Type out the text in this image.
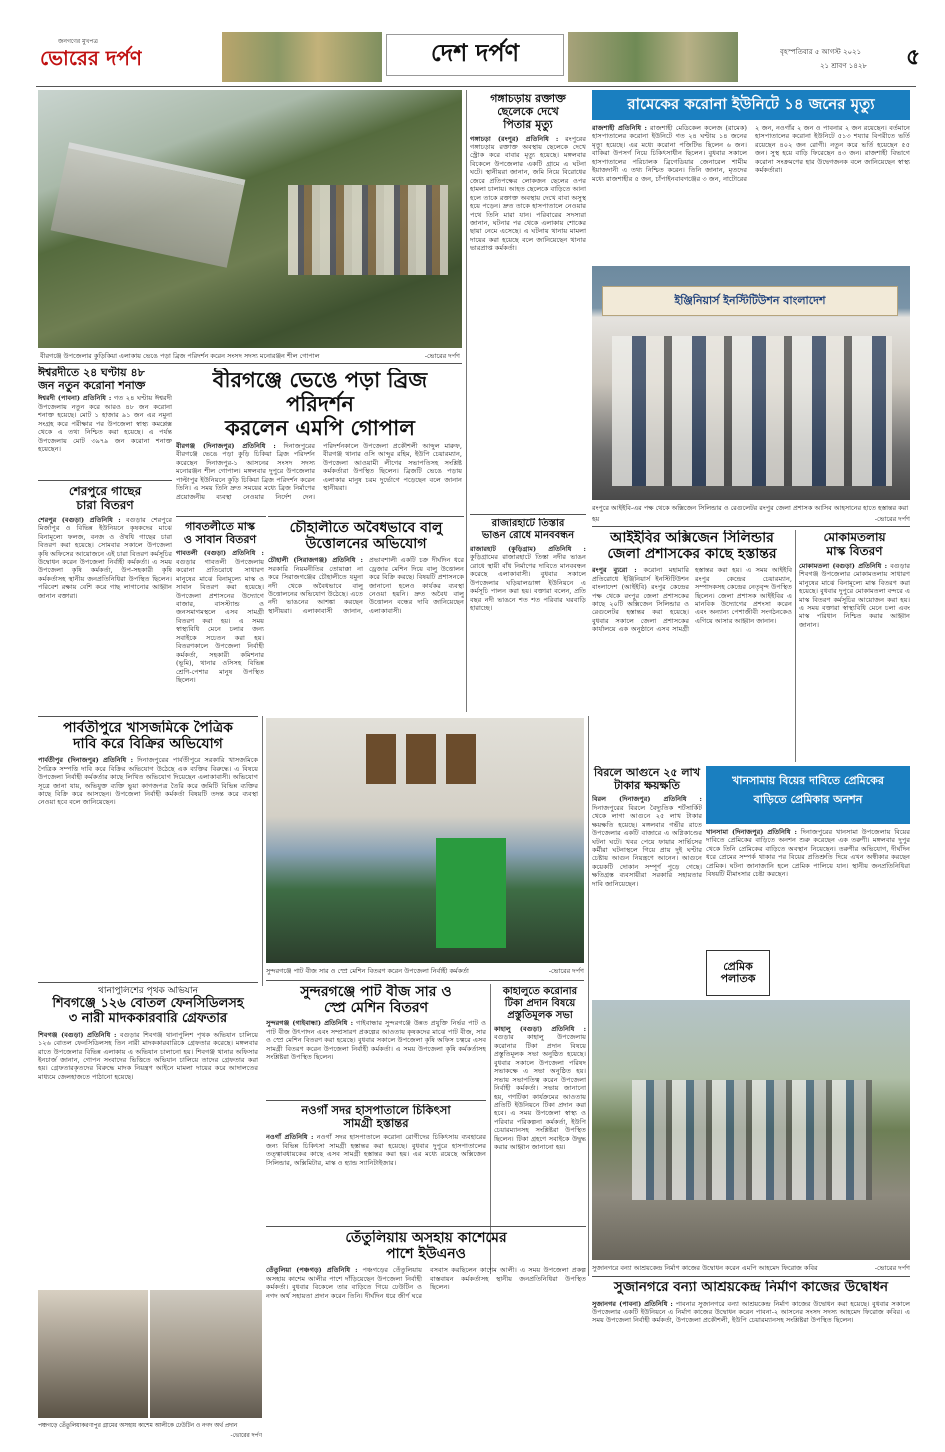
জনগণের মুখপত্র
ভোরের দর্পণ	দেশ দর্পণ	বৃহস্পতিবার ৫ আগস্ট ২০২১
২১ শ্রাবণ ১৪২৮ ৫
বীরগঞ্জে উপজেলার কুড়িকিয়া এলাকায় ভেঙে পড়া ব্রিজ পরিদর্শন করেন সংসদ সদস্য মনোরঞ্জন শীল গোপাল	-ভোরের দর্পণ
ঈশ্বরদীতে ২৪ ঘণ্টায় ৪৮
জন নতুন করোনা শনাক্ত
ঈশ্বরদী (পাবনা) প্রতিনিধি : গত ২৪ ঘণ্টায় ঈশ্বরদী উপজেলায় নতুন করে আরও ৪৮ জন করোনা শনাক্ত হয়েছে। মোট ১ হাজার ৯১ জন এর নমুনা সংগ্রহ করে পরীক্ষার পর উপজেলা স্বাস্থ্য কমপ্লেক্স থেকে এ তথ্য নিশ্চিত করা হয়েছে। এ পর্যন্ত উপজেলায় মোট ৩৯৭৯ জন করোনা শনাক্ত হয়েছেন।
বীরগঞ্জে ভেঙে পড়া ব্রিজ পরিদর্শন
করলেন এমপি গোপাল
বীরগঞ্জ (দিনাজপুর) প্রতিনিধি : দিনাজপুরের বীরগঞ্জে ভেঙে পড়া কুড়ি চিকিয়া ব্রিজ পরিদর্শন করেছেন দিনাজপুর-১ আসনের সংসদ সদস্য মনোরঞ্জন শীল গোপাল। মঙ্গলবার দুপুরে উপজেলার পাল্টাপুর ইউনিয়নে কুড়ি চিকিয়া ব্রিজ পরিদর্শন করেন তিনি। এ সময় তিনি দ্রুত সময়ের মধ্যে ব্রিজ নির্মাণের প্রয়োজনীয় ব্যবস্থা নেওয়ার নির্দেশ দেন। পরিদর্শনকালে উপজেলা প্রকৌশলী আব্দুল মারুফ, বীরগঞ্জ থানার ওসি আব্দুর রহিম, ইউপি চেয়ারম্যান, উপজেলা আওয়ামী লীগের সভাপতিসহ সংশ্লিষ্ট কর্মকর্তারা উপস্থিত ছিলেন। ব্রিজটি ভেঙে পড়ায় এলাকার মানুষ চরম দুর্ভোগে পড়েছেন বলে জানান স্থানীয়রা।
শেরপুরে গাছের
চারা বিতরণ
শেরপুর (বগুড়া) প্রতিনিধি : বগুড়ার শেরপুরে মির্জাপুর ও বিভিন্ন ইউনিয়নে কৃষকদের মাঝে বিনামূল্যে ফলজ, বনজ ও ঔষধি গাছের চারা বিতরণ করা হয়েছে। সোমবার সকালে উপজেলা কৃষি অফিসের আয়োজনে এই চারা বিতরণ কর্মসূচির উদ্বোধন করেন উপজেলা নির্বাহী কর্মকর্তা। এ সময় উপজেলা কৃষি কর্মকর্তা, উপ-সহকারী কৃষি কর্মকর্তাসহ স্থানীয় জনপ্রতিনিধিরা উপস্থিত ছিলেন। পরিবেশ রক্ষায় বেশি করে গাছ লাগানোর আহ্বান জানান বক্তারা।
গাবতলীতে মাস্ক
ও সাবান বিতরণ
গাবতলী (বগুড়া) প্রতিনিধি : বগুড়ার গাবতলী উপজেলায় করোনা প্রতিরোধে সাধারণ মানুষের মাঝে বিনামূল্যে মাস্ক ও সাবান বিতরণ করা হয়েছে। উপজেলা প্রশাসনের উদ্যোগে বাজার, বাসস্ট্যান্ড ও জনসমাগমস্থলে এসব সামগ্রী বিতরণ করা হয়। এ সময় স্বাস্থ্যবিধি মেনে চলার জন্য সবাইকে সচেতন করা হয়। বিতরণকালে উপজেলা নির্বাহী কর্মকর্তা, সহকারী কমিশনার (ভূমি), থানার ওসিসহ বিভিন্ন শ্রেণি-পেশার মানুষ উপস্থিত ছিলেন।
চৌহালীতে অবৈধভাবে বালু
উত্তোলনের অভিযোগ
চৌহালী (সিরাজগঞ্জ) প্রতিনিধি : সরকারি নিয়মনীতির তোয়াক্কা না করে সিরাজগঞ্জের চৌহালীতে যমুনা নদী থেকে অবৈধভাবে বালু উত্তোলনের অভিযোগ উঠেছে। এতে নদী ভাঙনের আশঙ্কা করছেন স্থানীয়রা। এলাকাবাসী জানান, প্রভাবশালী একটি চক্র দীর্ঘদিন ধরে ড্রেজার মেশিন দিয়ে বালু উত্তোলন করে বিক্রি করছে। বিষয়টি প্রশাসনকে জানানো হলেও কার্যকর ব্যবস্থা নেওয়া হয়নি। দ্রুত অবৈধ বালু উত্তোলন বন্ধের দাবি জানিয়েছেন এলাকাবাসী।
গঙ্গাচড়ায় রক্তাক্ত
ছেলেকে দেখে
পিতার মৃত্যু
গঙ্গাচড়া (রংপুর) প্রতিনিধি : রংপুরের গঙ্গাচড়ায় রক্তাক্ত অবস্থায় ছেলেকে দেখে স্ট্রোক করে বাবার মৃত্যু হয়েছে। মঙ্গলবার বিকেলে উপজেলার একটি গ্রামে এ ঘটনা ঘটে। স্থানীয়রা জানান, জমি নিয়ে বিরোধের জেরে প্রতিপক্ষের লোকজন ছেলের ওপর হামলা চালায়। আহত ছেলেকে বাড়িতে আনা হলে তাকে রক্তাক্ত অবস্থায় দেখে বাবা অসুস্থ হয়ে পড়েন। দ্রুত তাকে হাসপাতালে নেওয়ার পথে তিনি মারা যান। পরিবারের সদস্যরা জানান, ঘটনার পর থেকে এলাকায় শোকের ছায়া নেমে এসেছে। এ ঘটনায় থানায় মামলা দায়ের করা হয়েছে বলে জানিয়েছেন থানার ভারপ্রাপ্ত কর্মকর্তা।
রাজারহাটে তিস্তার
ভাঙন রোধে মানববন্ধন
রাজারহাট (কুড়িগ্রাম) প্রতিনিধি : কুড়িগ্রামের রাজারহাটে তিস্তা নদীর ভাঙন রোধে স্থায়ী বাঁধ নির্মাণের দাবিতে মানববন্ধন করেছে এলাকাবাসী। বুধবার সকালে উপজেলার ঘড়িয়ালডাঙ্গা ইউনিয়নে এ কর্মসূচি পালন করা হয়। বক্তারা বলেন, প্রতি বছর নদী ভাঙনে শত শত পরিবার ঘরবাড়ি হারাচ্ছে।
রামেকের করোনা ইউনিটে ১৪ জনের মৃত্যু
রাজশাহী প্রতিনিধি : রাজশাহী মেডিকেল কলেজ (রামেক) হাসপাতালের করোনা ইউনিটে গত ২৪ ঘণ্টায় ১৪ জনের মৃত্যু হয়েছে। এর মধ্যে করোনা পজিটিভ ছিলেন ৬ জন। বাকিরা উপসর্গ নিয়ে চিকিৎসাধীন ছিলেন। বুধবার সকালে হাসপাতালের পরিচালক ব্রিগেডিয়ার জেনারেল শামীম ইয়াজদানী এ তথ্য নিশ্চিত করেন। তিনি জানান, মৃতদের মধ্যে রাজশাহীর ৫ জন, চাঁপাইনবাবগঞ্জের ৩ জন, নাটোরের ২ জন, নওগাঁর ২ জন ও পাবনার ২ জন রয়েছেন। বর্তমানে হাসপাতালের করোনা ইউনিটে ৫১৩ শয্যার বিপরীতে ভর্তি রয়েছেন ৪০২ জন রোগী। নতুন করে ভর্তি হয়েছেন ৫৫ জন। সুস্থ হয়ে বাড়ি ফিরেছেন ৪৩ জন। রাজশাহী বিভাগে করোনা সংক্রমণের হার উদ্বেগজনক বলে জানিয়েছেন স্বাস্থ্য কর্মকর্তারা।
ইঞ্জিনিয়ার্স ইনস্টিটিউশন বাংলাদেশ
রংপুরে আইইবি-এর পক্ষ থেকে অক্সিজেন সিলিন্ডার ও রেগুলেটর রংপুর জেলা প্রশাসক আসিব আহসানের হাতে হস্তান্তর করা হয়	-ভোরের দর্পণ
আইইবির অক্সিজেন সিলিন্ডার
জেলা প্রশাসকের কাছে হস্তান্তর
রংপুর ব্যুরো : করোনা মহামারি প্রতিরোধে ইঞ্জিনিয়ার্স ইনস্টিটিউশন বাংলাদেশ (আইইবি) রংপুর কেন্দ্রের পক্ষ থেকে রংপুর জেলা প্রশাসকের কাছে ২০টি অক্সিজেন সিলিন্ডার ও রেগুলেটর হস্তান্তর করা হয়েছে। বুধবার সকালে জেলা প্রশাসকের কার্যালয়ে এক অনুষ্ঠানে এসব সামগ্রী হস্তান্তর করা হয়। এ সময় আইইবি রংপুর কেন্দ্রের চেয়ারম্যান, সম্পাদকসহ কেন্দ্রের নেতৃবৃন্দ উপস্থিত ছিলেন। জেলা প্রশাসক আইইবির এ মানবিক উদ্যোগের প্রশংসা করেন এবং অন্যান্য পেশাজীবী সংগঠনকেও এগিয়ে আসার আহ্বান জানান।
মোকামতলায়
মাস্ক বিতরণ
মোকামতলা (বগুড়া) প্রতিনিধি : বগুড়ার শিবগঞ্জ উপজেলার মোকামতলায় সাধারণ মানুষের মাঝে বিনামূল্যে মাস্ক বিতরণ করা হয়েছে। বুধবার দুপুরে মোকামতলা বন্দরে এ মাস্ক বিতরণ কর্মসূচির আয়োজন করা হয়। এ সময় বক্তারা স্বাস্থ্যবিধি মেনে চলা এবং মাস্ক পরিধান নিশ্চিত করার আহ্বান জানান।
পার্বতীপুরে খাসজমিকে পৈত্রিক
দাবি করে বিক্রির অভিযোগ
পার্বতীপুর (দিনাজপুর) প্রতিনিধি : দিনাজপুরের পার্বতীপুরে সরকারি খাসজমিকে পৈত্রিক সম্পত্তি দাবি করে বিক্রির অভিযোগ উঠেছে এক ব্যক্তির বিরুদ্ধে। এ বিষয়ে উপজেলা নির্বাহী কর্মকর্তার কাছে লিখিত অভিযোগ দিয়েছেন এলাকাবাসী। অভিযোগ সূত্রে জানা যায়, অভিযুক্ত ব্যক্তি ভুয়া কাগজপত্র তৈরি করে জমিটি বিভিন্ন ব্যক্তির কাছে বিক্রি করে আসছেন। উপজেলা নির্বাহী কর্মকর্তা বিষয়টি তদন্ত করে ব্যবস্থা নেওয়া হবে বলে জানিয়েছেন।
সুন্দরগঞ্জে পাট বীজ সার ও স্প্রে মেশিন বিতরণ করেন উপজেলা নির্বাহী কর্মকর্তা	-ভোরের দর্পণ
বিরলে আগুনে ২৫ লাখ
টাকার ক্ষয়ক্ষতি
বিরল (দিনাজপুর) প্রতিনিধি : দিনাজপুরের বিরলে বৈদ্যুতিক শর্টসার্কিট থেকে লাগা আগুনে ২৫ লাখ টাকার ক্ষয়ক্ষতি হয়েছে। মঙ্গলবার গভীর রাতে উপজেলার একটি বাজারে এ অগ্নিকাণ্ডের ঘটনা ঘটে। খবর পেয়ে ফায়ার সার্ভিসের কর্মীরা ঘটনাস্থলে গিয়ে প্রায় দুই ঘণ্টার চেষ্টায় আগুন নিয়ন্ত্রণে আনেন। আগুনে কয়েকটি দোকান সম্পূর্ণ পুড়ে গেছে। ক্ষতিগ্রস্ত ব্যবসায়ীরা সরকারি সহায়তার দাবি জানিয়েছেন।
খানসামায় বিয়ের দাবিতে প্রেমিকের
বাড়িতে প্রেমিকার অনশন
খানসামা (দিনাজপুর) প্রতিনিধি : দিনাজপুরের খানসামা উপজেলায় বিয়ের দাবিতে প্রেমিকের বাড়িতে অনশন শুরু করেছেন এক তরুণী। মঙ্গলবার দুপুর থেকে তিনি প্রেমিকের বাড়িতে অবস্থান নিয়েছেন। তরুণীর অভিযোগ, দীর্ঘদিন ধরে প্রেমের সম্পর্ক থাকার পর বিয়ের প্রতিশ্রুতি দিয়ে এখন অস্বীকার করছেন প্রেমিক। ঘটনা জানাজানি হলে প্রেমিক পালিয়ে যান। স্থানীয় জনপ্রতিনিধিরা বিষয়টি মীমাংসার চেষ্টা করছেন।
প্রেমিক পলাতক
থানাপুলিশের পৃথক অভিযান
শিবগঞ্জে ১২৬ বোতল ফেনসিডিলসহ
৩ নারী মাদককারবারি গ্রেফতার
শিবগঞ্জ (বগুড়া) প্রতিনিধি : বগুড়ার শিবগঞ্জ থানাপুলিশ পৃথক অভিযান চালিয়ে ১২৬ বোতল ফেনসিডিলসহ তিন নারী মাদককারবারিকে গ্রেফতার করেছে। মঙ্গলবার রাতে উপজেলার বিভিন্ন এলাকায় এ অভিযান চালানো হয়। শিবগঞ্জ থানার অফিসার ইনচার্জ জানান, গোপন সংবাদের ভিত্তিতে অভিযান চালিয়ে তাদের গ্রেফতার করা হয়। গ্রেফতারকৃতদের বিরুদ্ধে মাদক নিয়ন্ত্রণ আইনে মামলা দায়ের করে আদালতের মাধ্যমে জেলহাজতে পাঠানো হয়েছে।
সুন্দরগঞ্জে পাট বীজ সার ও
স্প্রে মেশিন বিতরণ
সুন্দরগঞ্জ (গাইবান্ধা) প্রতিনিধি : গাইবান্ধার সুন্দরগঞ্জে উন্নত প্রযুক্তি নির্ভর পাট ও পাট বীজ উৎপাদন এবং সম্প্রসারণ প্রকল্পের আওতায় কৃষকদের মাঝে পাট বীজ, সার ও স্প্রে মেশিন বিতরণ করা হয়েছে। বুধবার সকালে উপজেলা কৃষি অফিস চত্বরে এসব সামগ্রী বিতরণ করেন উপজেলা নির্বাহী কর্মকর্তা। এ সময় উপজেলা কৃষি কর্মকর্তাসহ সংশ্লিষ্টরা উপস্থিত ছিলেন।
কাহালুতে করোনার
টিকা প্রদান বিষয়ে
প্রস্তুতিমূলক সভা
কাহালু (বগুড়া) প্রতিনিধি : বগুড়ার কাহালু উপজেলায় করোনার টিকা প্রদান বিষয়ে প্রস্তুতিমূলক সভা অনুষ্ঠিত হয়েছে। বুধবার সকালে উপজেলা পরিষদ সভাকক্ষে এ সভা অনুষ্ঠিত হয়। সভায় সভাপতিত্ব করেন উপজেলা নির্বাহী কর্মকর্তা। সভায় জানানো হয়, গণটিকা কার্যক্রমের আওতায় প্রতিটি ইউনিয়নে টিকা প্রদান করা হবে। এ সময় উপজেলা স্বাস্থ্য ও পরিবার পরিকল্পনা কর্মকর্তা, ইউপি চেয়ারম্যানসহ সংশ্লিষ্টরা উপস্থিত ছিলেন। টিকা গ্রহণে সবাইকে উদ্বুদ্ধ করার আহ্বান জানানো হয়।
নওগাঁ সদর হাসপাতালে চিকিৎসা
সামগ্রী হস্তান্তর
নওগাঁ প্রতিনিধি : নওগাঁ সদর হাসপাতালে করোনা রোগীদের চিকিৎসায় ব্যবহারের জন্য বিভিন্ন চিকিৎসা সামগ্রী হস্তান্তর করা হয়েছে। বুধবার দুপুরে হাসপাতালের তত্ত্বাবধায়কের কাছে এসব সামগ্রী হস্তান্তর করা হয়। এর মধ্যে রয়েছে অক্সিজেন সিলিন্ডার, অক্সিমিটার, মাস্ক ও হ্যান্ড স্যানিটাইজার।
তেঁতুলিয়ায় অসহায় কাশেমের
পাশে ইউএনও
তেঁতুলিয়া (পঞ্চগড়) প্রতিনিধি : পঞ্চগড়ের তেঁতুলিয়ায় অসহায় কাশেম আলীর পাশে দাঁড়িয়েছেন উপজেলা নির্বাহী কর্মকর্তা। বুধবার বিকেলে তার বাড়িতে গিয়ে ঢেউটিন ও নগদ অর্থ সহায়তা প্রদান করেন তিনি। দীর্ঘদিন ধরে জীর্ণ ঘরে বসবাস করছিলেন কাশেম আলী। এ সময় উপজেলা প্রকল্প বাস্তবায়ন কর্মকর্তাসহ স্থানীয় জনপ্রতিনিধিরা উপস্থিত ছিলেন।
পঞ্চগড়ে তেঁতুলিয়াকরণাপুর গ্রামের অসহায় কাশেম আলীকে ঢেউটিন ও নগদ অর্থ প্রদান
-ভোরের দর্পণ
সুজানগরে বন্যা আশ্রয়কেন্দ্র নির্মাণ কাজের উদ্বোধন করেন এমপি আহমেদ ফিরোজ কবির	-ভোরের দর্পণ
সুজানগরে বন্যা আশ্রয়কেন্দ্র নির্মাণ কাজের উদ্বোধন
সুজানগর (পাবনা) প্রতিনিধি : পাবনার সুজানগরে বন্যা আশ্রয়কেন্দ্র নির্মাণ কাজের উদ্বোধন করা হয়েছে। বুধবার সকালে উপজেলার একটি ইউনিয়নে এ নির্মাণ কাজের উদ্বোধন করেন পাবনা-২ আসনের সংসদ সদস্য আহমেদ ফিরোজ কবির। এ সময় উপজেলা নির্বাহী কর্মকর্তা, উপজেলা প্রকৌশলী, ইউপি চেয়ারম্যানসহ সংশ্লিষ্টরা উপস্থিত ছিলেন।
